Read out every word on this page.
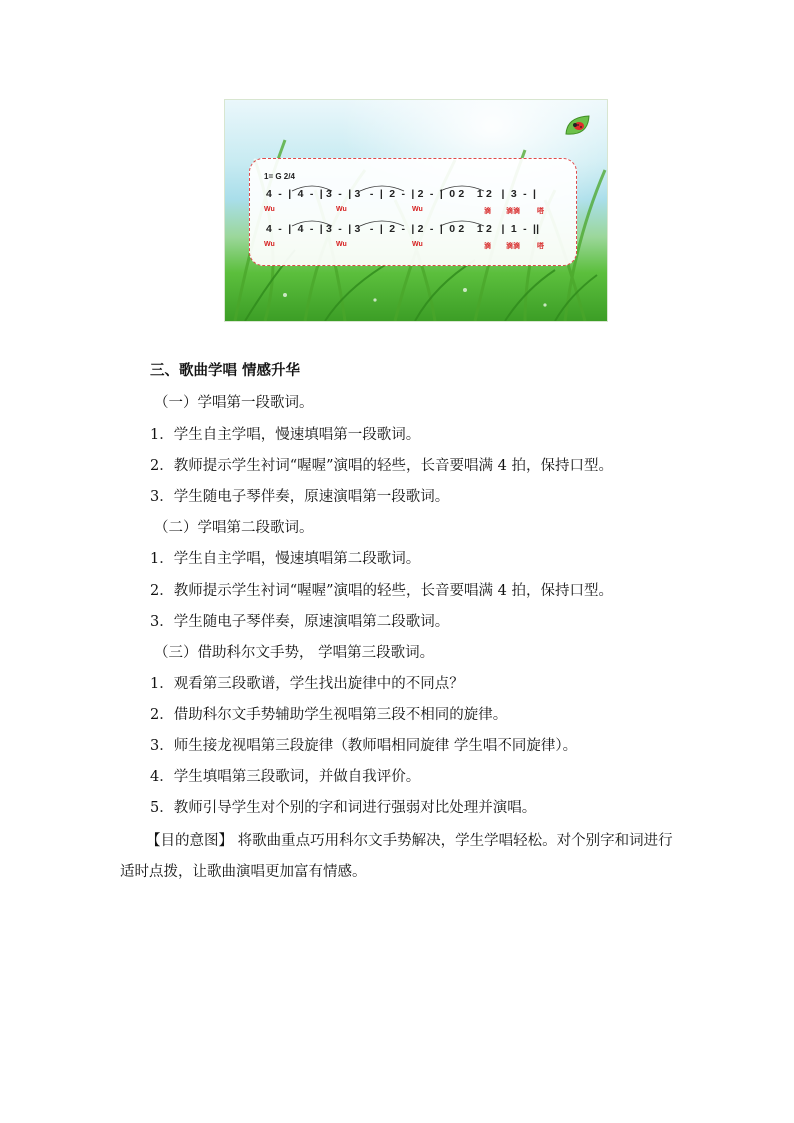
1= G 2/4
4  -  |  4  -  | 3  -  | 3   -  |  2  -  | 2  -  |  0 2    1 2   |  3  -  |
Wu	Wu	Wu	滴 滴滴 嗒
4  -  |  4  -  | 3  -  | 3   -  |  2  -  | 2  -  |  0 2    1 2   |  1  -  ||
Wu	Wu	Wu	滴 滴滴 嗒
三、歌曲学唱 情感升华
（一）学唱第一段歌词。
1．学生自主学唱，慢速填唱第一段歌词。
2．教师提示学生衬词“喔喔”演唱的轻些，长音要唱满 4 拍，保持口型。
3．学生随电子琴伴奏，原速演唱第一段歌词。
（二）学唱第二段歌词。
1．学生自主学唱，慢速填唱第二段歌词。
2．教师提示学生衬词“喔喔”演唱的轻些，长音要唱满 4 拍，保持口型。
3．学生随电子琴伴奏，原速演唱第二段歌词。
（三）借助科尔文手势， 学唱第三段歌词。
1．观看第三段歌谱，学生找出旋律中的不同点？
2．借助科尔文手势辅助学生视唱第三段不相同的旋律。
3．师生接龙视唱第三段旋律（教师唱相同旋律 学生唱不同旋律）。
4．学生填唱第三段歌词，并做自我评价。
5．教师引导学生对个别的字和词进行强弱对比处理并演唱。
【目的意图】 将歌曲重点巧用科尔文手势解决，学生学唱轻松。对个别字和词进行适时点拨，让歌曲演唱更加富有情感。
